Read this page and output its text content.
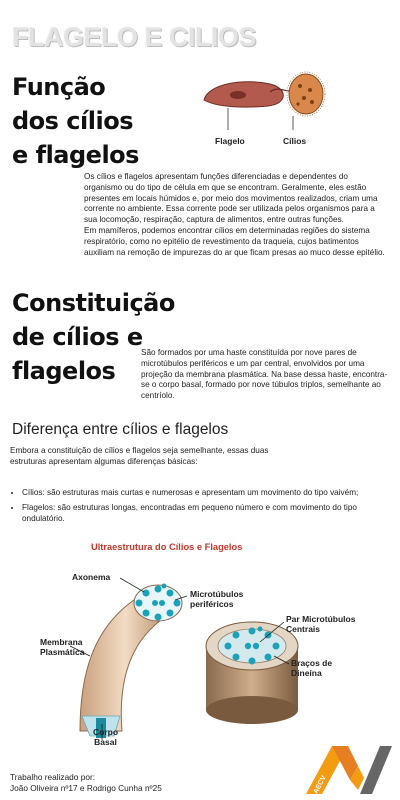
FLAGELO E CILIOS
Função
dos cílios
e flagelos	Flagelo	Cílios
Os cílios e flagelos apresentam funções diferenciadas e dependentes do organismo ou do tipo de célula em que se encontram. Geralmente, eles estão presentes em locais húmidos e, por meio dos movimentos realizados, criam uma corrente no ambiente. Essa corrente pode ser utilizada pelos organismos para a sua locomoção, respiração, captura de alimentos, entre outras funções.
Em mamíferos, podemos encontrar cílios em determinadas regiões do sistema respiratório, como no epitélio de revestimento da traqueia, cujos batimentos auxiliam na remoção de impurezas do ar que ficam presas ao muco desse epitélio.
Constituição
de cílios e
flagelos
São formados por uma haste constituída por nove pares de microtúbulos periféricos e um par central, envolvidos por uma projeção da membrana plasmática. Na base dessa haste, encontra-se o corpo basal, formado por nove túbulos triplos, semelhante ao centríolo.
Diferença entre cílios e flagelos
Embora a constituição de cílios e flagelos seja semelhante, essas duas estruturas apresentam algumas diferenças básicas:
• Cílios: são estruturas mais curtas e numerosas e apresentam um movimento do tipo vaivém;
• Flagelos: são estruturas longas, encontradas em pequeno número e com movimento do tipo ondulatório.
Ultraestrutura do Cílios e Flagelos
Axonema
Microtúbulos
periféricos
Par Microtúbulos
Centrais
Membrana
Plasmática
Braços de
Dineína
Corpo
Basal
Trabalho realizado por:
João Oliveira nº17 e Rodrigo Cunha nº25	AECV
